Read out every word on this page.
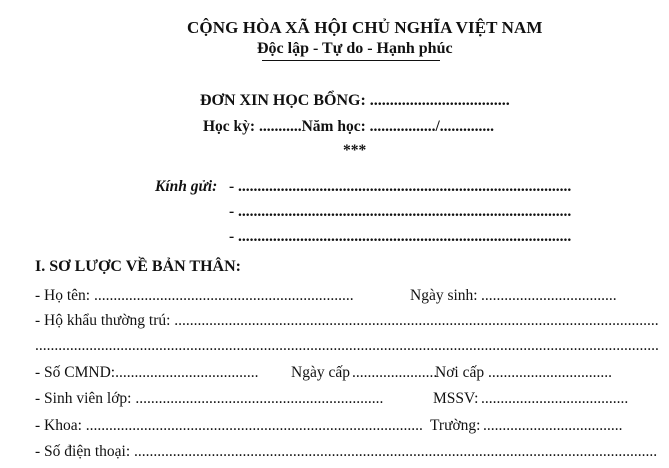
CỘNG HÒA XÃ HỘI CHỦ NGHĨA VIỆT NAM
Độc lập - Tự do - Hạnh phúc
ĐƠN XIN HỌC BỔNG: ...................................
Học kỳ: ...........Năm học: ................./..............
***
Kính gửi: - ......................................................................................
- ......................................................................................
- ......................................................................................
I. SƠ LƯỢC VỀ BẢN THÂN:
- Họ tên: ...................................................................	Ngày sinh: ...................................
- Hộ khẩu thường trú: .............................................................................................................................
.................................................................................................................................................................
- Số CMND:..................................... Ngày cấp ......................
Nơi cấp ................................
- Sinh viên lớp: ................................................................	MSSV: ......................................
- Khoa: ....................................................................................... Trường: ....................................
- Số điện thoại: .......................................................................................................................................
